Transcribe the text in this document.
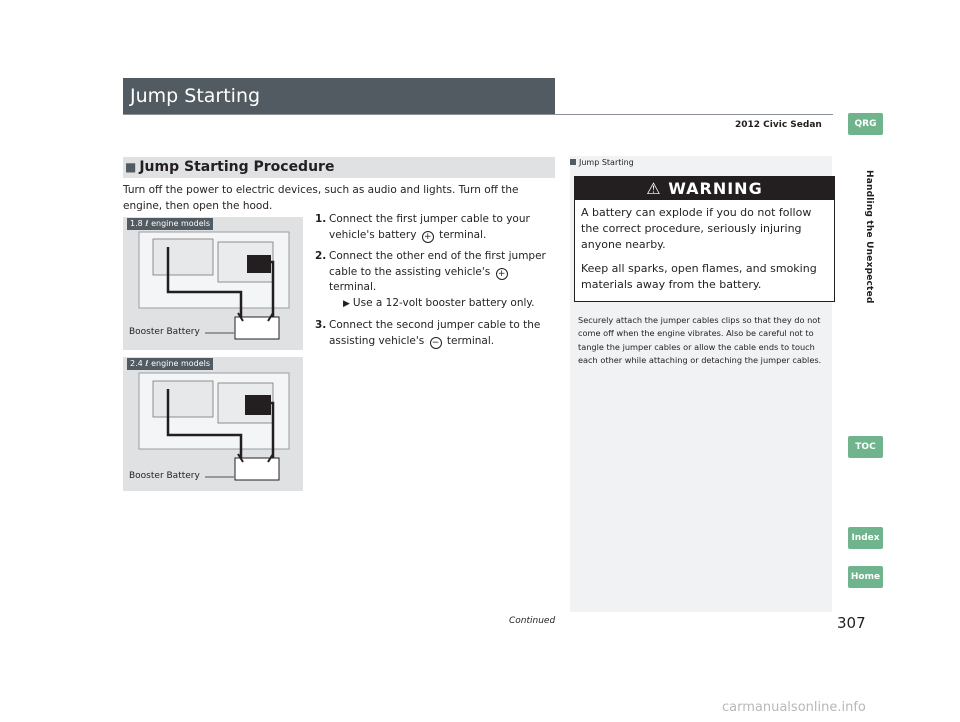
Jump Starting
2012 Civic Sedan	QRG
Handling the Unexpected
TOC
Index
Home
■ Jump Starting Procedure
Turn off the power to electric devices, such as audio and lights. Turn off the engine, then open the hood.
1.8 ℓ engine models
Booster Battery
2.4 ℓ engine models
Booster Battery
1. Connect the first jumper cable to your vehicle's battery + terminal.
2. Connect the other end of the first jumper cable to the assisting vehicle's + terminal.
▶ Use a 12-volt booster battery only.
3. Connect the second jumper cable to the assisting vehicle's − terminal.
Jump Starting
⚠ WARNING

A battery can explode if you do not follow the correct procedure, seriously injuring anyone nearby.

Keep all sparks, open flames, and smoking materials away from the battery.

Securely attach the jumper cables clips so that they do not come off when the engine vibrates. Also be careful not to tangle the jumper cables or allow the cable ends to touch each other while attaching or detaching the jumper cables.
Continued	307
carmanualsonline.info
